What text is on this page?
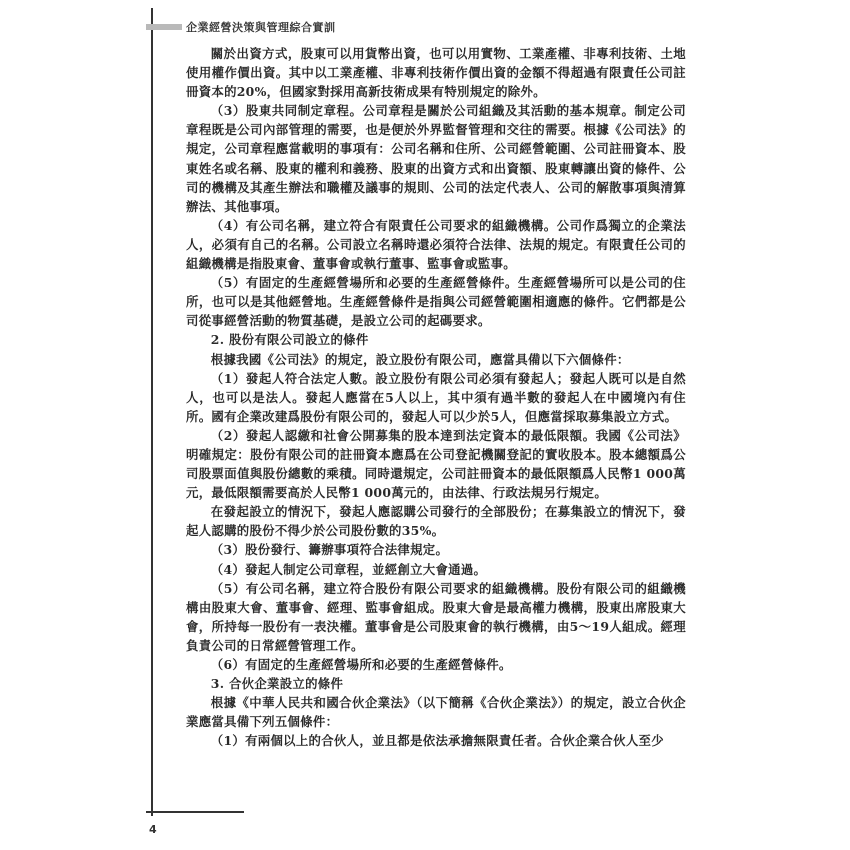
企業經營決策與管理綜合實訓

關於出資方式，股東可以用貨幣出資，也可以用實物、工業產權、非專利技術、土地使用權作價出資。其中以工業產權、非專利技術作價出資的金額不得超過有限責任公司註冊資本的20%，但國家對採用高新技術成果有特別規定的除外。

（3）股東共同制定章程。公司章程是關於公司組織及其活動的基本規章。制定公司章程既是公司內部管理的需要，也是便於外界監督管理和交往的需要。根據《公司法》的規定，公司章程應當載明的事項有：公司名稱和住所、公司經營範圍、公司註冊資本、股東姓名或名稱、股東的權利和義務、股東的出資方式和出資額、股東轉讓出資的條件、公司的機構及其產生辦法和職權及議事的規則、公司的法定代表人、公司的解散事項與清算辦法、其他事項。

（4）有公司名稱，建立符合有限責任公司要求的組織機構。公司作爲獨立的企業法人，必須有自己的名稱。公司設立名稱時還必須符合法律、法規的規定。有限責任公司的組織機構是指股東會、董事會或執行董事、監事會或監事。

（5）有固定的生產經營場所和必要的生產經營條件。生產經營場所可以是公司的住所，也可以是其他經營地。生產經營條件是指與公司經營範圍相適應的條件。它們都是公司從事經營活動的物質基礎，是設立公司的起碼要求。

2. 股份有限公司設立的條件

根據我國《公司法》的規定，設立股份有限公司，應當具備以下六個條件：

（1）發起人符合法定人數。設立股份有限公司必須有發起人；發起人既可以是自然人，也可以是法人。發起人應當在5人以上，其中須有過半數的發起人在中國境內有住所。國有企業改建爲股份有限公司的，發起人可以少於5人，但應當採取募集設立方式。

（2）發起人認繳和社會公開募集的股本達到法定資本的最低限額。我國《公司法》明確規定：股份有限公司的註冊資本應爲在公司登記機關登記的實收股本。股本總額爲公司股票面值與股份總數的乘積。同時還規定，公司註冊資本的最低限額爲人民幣1 000萬元，最低限額需要高於人民幣1 000萬元的，由法律、行政法規另行規定。

在發起設立的情況下，發起人應認購公司發行的全部股份；在募集設立的情況下，發起人認購的股份不得少於公司股份數的35%。

（3）股份發行、籌辦事項符合法律規定。

（4）發起人制定公司章程，並經創立大會通過。

（5）有公司名稱，建立符合股份有限公司要求的組織機構。股份有限公司的組織機構由股東大會、董事會、經理、監事會組成。股東大會是最高權力機構，股東出席股東大會，所持每一股份有一表決權。董事會是公司股東會的執行機構，由5～19人組成。經理負責公司的日常經營管理工作。

（6）有固定的生產經營場所和必要的生產經營條件。

3. 合伙企業設立的條件

根據《中華人民共和國合伙企業法》（以下簡稱《合伙企業法》）的規定，設立合伙企業應當具備下列五個條件：

（1）有兩個以上的合伙人，並且都是依法承擔無限責任者。合伙企業合伙人至少

4
